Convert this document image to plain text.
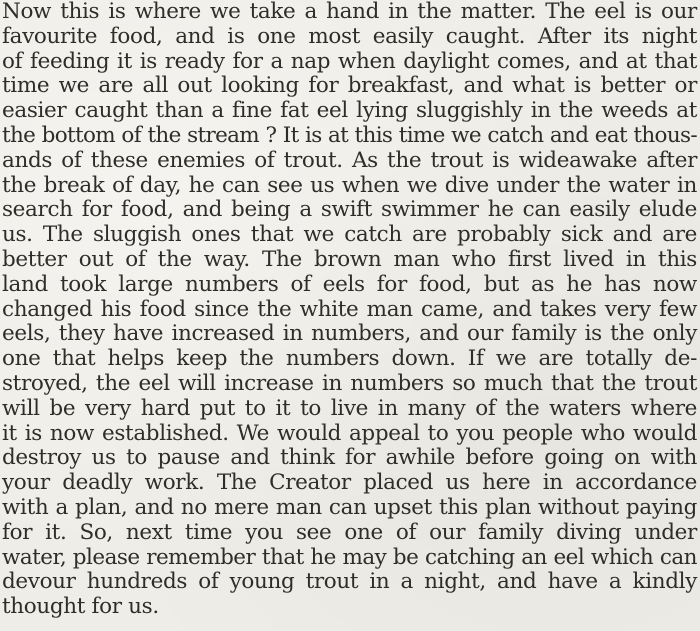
Now this is where we take a hand in the matter. The eel is our
favourite food, and is one most easily caught. After its night
of feeding it is ready for a nap when daylight comes, and at that
time we are all out looking for breakfast, and what is better or
easier caught than a fine fat eel lying sluggishly in the weeds at
the bottom of the stream ? It is at this time we catch and eat thous-
ands of these enemies of trout. As the trout is wideawake after
the break of day, he can see us when we dive under the water in
search for food, and being a swift swimmer he can easily elude
us. The sluggish ones that we catch are probably sick and are
better out of the way. The brown man who first lived in this
land took large numbers of eels for food, but as he has now
changed his food since the white man came, and takes very few
eels, they have increased in numbers, and our family is the only
one that helps keep the numbers down. If we are totally de-
stroyed, the eel will increase in numbers so much that the trout
will be very hard put to it to live in many of the waters where
it is now established. We would appeal to you people who would
destroy us to pause and think for awhile before going on with
your deadly work. The Creator placed us here in accordance
with a plan, and no mere man can upset this plan without paying
for it. So, next time you see one of our family diving under
water, please remember that he may be catching an eel which can
devour hundreds of young trout in a night, and have a kindly
thought for us.
